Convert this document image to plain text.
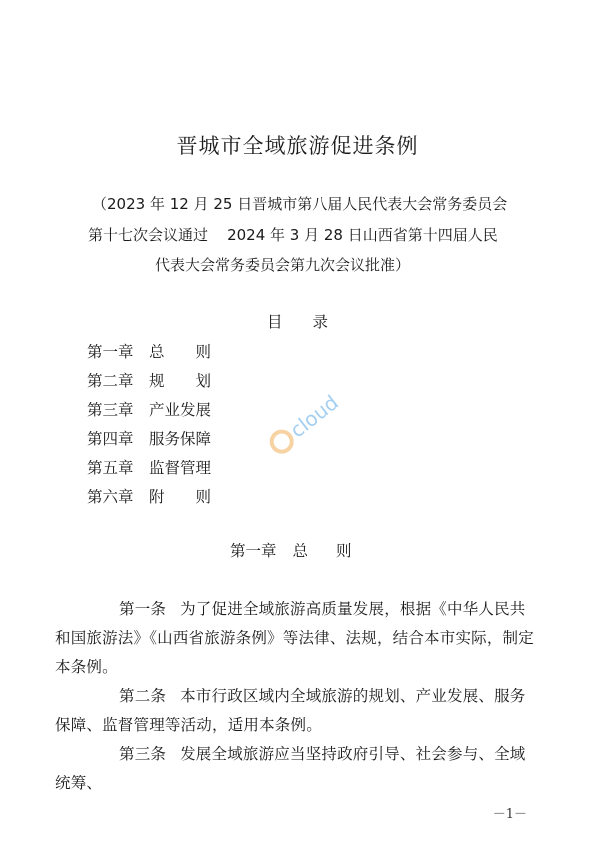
晋城市全域旅游促进条例
（2023 年 12 月 25 日晋城市第八届人民代表大会常务委员会
第十七次会议通过    2024 年 3 月 28 日山西省第十四届人民
代表大会常务委员会第九次会议批准）
目 录
第一章 总　　则
第二章 规　　划
第三章 产业发展
第四章 服务保障
第五章 监督管理
第六章 附　　则
cloud
第一章 总 则
第一条 为了促进全域旅游高质量发展，根据《中华人民共和国旅游法》《山西省旅游条例》等法律、法规，结合本市实际，制定本条例。
第二条 本市行政区域内全域旅游的规划、产业发展、服务保障、监督管理等活动，适用本条例。
第三条 发展全域旅游应当坚持政府引导、社会参与、全域统筹、
－1－
